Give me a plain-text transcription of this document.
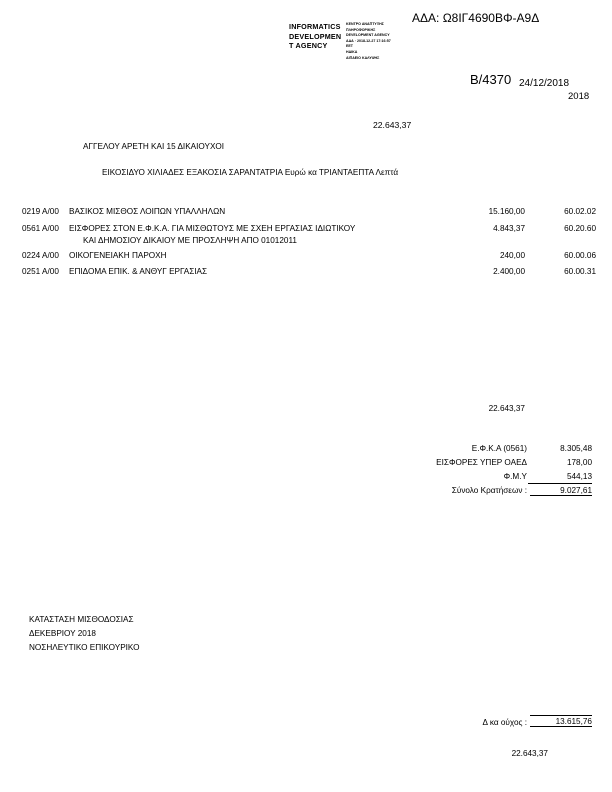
ΑΔΑ: Ω8ΙΓ4690ΒΦ-Α9Δ
INFORMATICS
DEVELOPMEN
T AGENCY
ΚΕΝΤΡΟ ΑΝΑΠΤΥΞΗΣ
ΠΛΗΡΟΦΟΡΙΚΗΣ
DEVELOPMENT AGENCY
ΑΔΑ · 2018-12-27 17:16:57
EET
ΗΔΙΚΑ
ΑΙΠΑΕΙΟ ΚΑΛΥΨΗΣ
Β/4370 24/12/2018
2018
22.643,37
ΑΓΓΕΛΟΥ ΑΡΕΤΗ ΚΑΙ 15 ΔΙΚΑΙΟΥΧΟΙ
ΕΙΚΟΣΙΔΥΟ ΧΙΛΙΑΔΕΣ ΕΞΑΚΟΣΙΑ ΣΑΡΑΝΤΑΤΡΙΑ Ευρώ κα ΤΡΙΑΝΤΑΕΠΤΑ Λεπτά
0219 Α/00 ΒΑΣΙΚΟΣ ΜΙΣΘΟΣ ΛΟΙΠΩΝ ΥΠΑΛΛΗΛΩΝ	15.160,00	60.02.02
0561 Α/00 ΕΙΣΦΟΡΕΣ ΣΤΟΝ Ε.Φ.Κ.Α. ΓΙΑ ΜΙΣΘΩΤΟΥΣ ΜΕ ΣΧΕΗ ΕΡΓΑΣΙΑΣ ΙΔΙΩΤΙΚΟΥ
ΚΑΙ ΔΗΜΟΣΙΟΥ ΔΙΚΑΙΟΥ ΜΕ ΠΡΟΣΛΗΨΗ ΑΠΟ 01012011
4.843,37	60.20.60
0224 Α/00 ΟΙΚΟΓΕΝΕΙΑΚΗ ΠΑΡΟΧΗ	240,00	60.00.06
0251 Α/00 ΕΠΙΔΟΜΑ ΕΠΙΚ. & ΑΝΘΥΓ ΕΡΓΑΣΙΑΣ	2.400,00	60.00.31
22.643,37
Ε.Φ.Κ.Α (0561)	8.305,48
ΕΙΣΦΟΡΕΣ ΥΠΕΡ ΟΑΕΔ	178,00
Φ.Μ.Υ	544,13
Σύνολο Κρατήσεων :	9.027,61
ΚΑΤΑΣΤΑΣΗ ΜΙΣΘΟΔΟΣΙΑΣ
ΔΕΚΕΒΡΙΟΥ 2018
ΝΟΣΗΛΕΥΤΙΚΟ ΕΠΙΚΟΥΡΙΚΟ
Δ κα ούχος :	13.615,76
22.643,37
